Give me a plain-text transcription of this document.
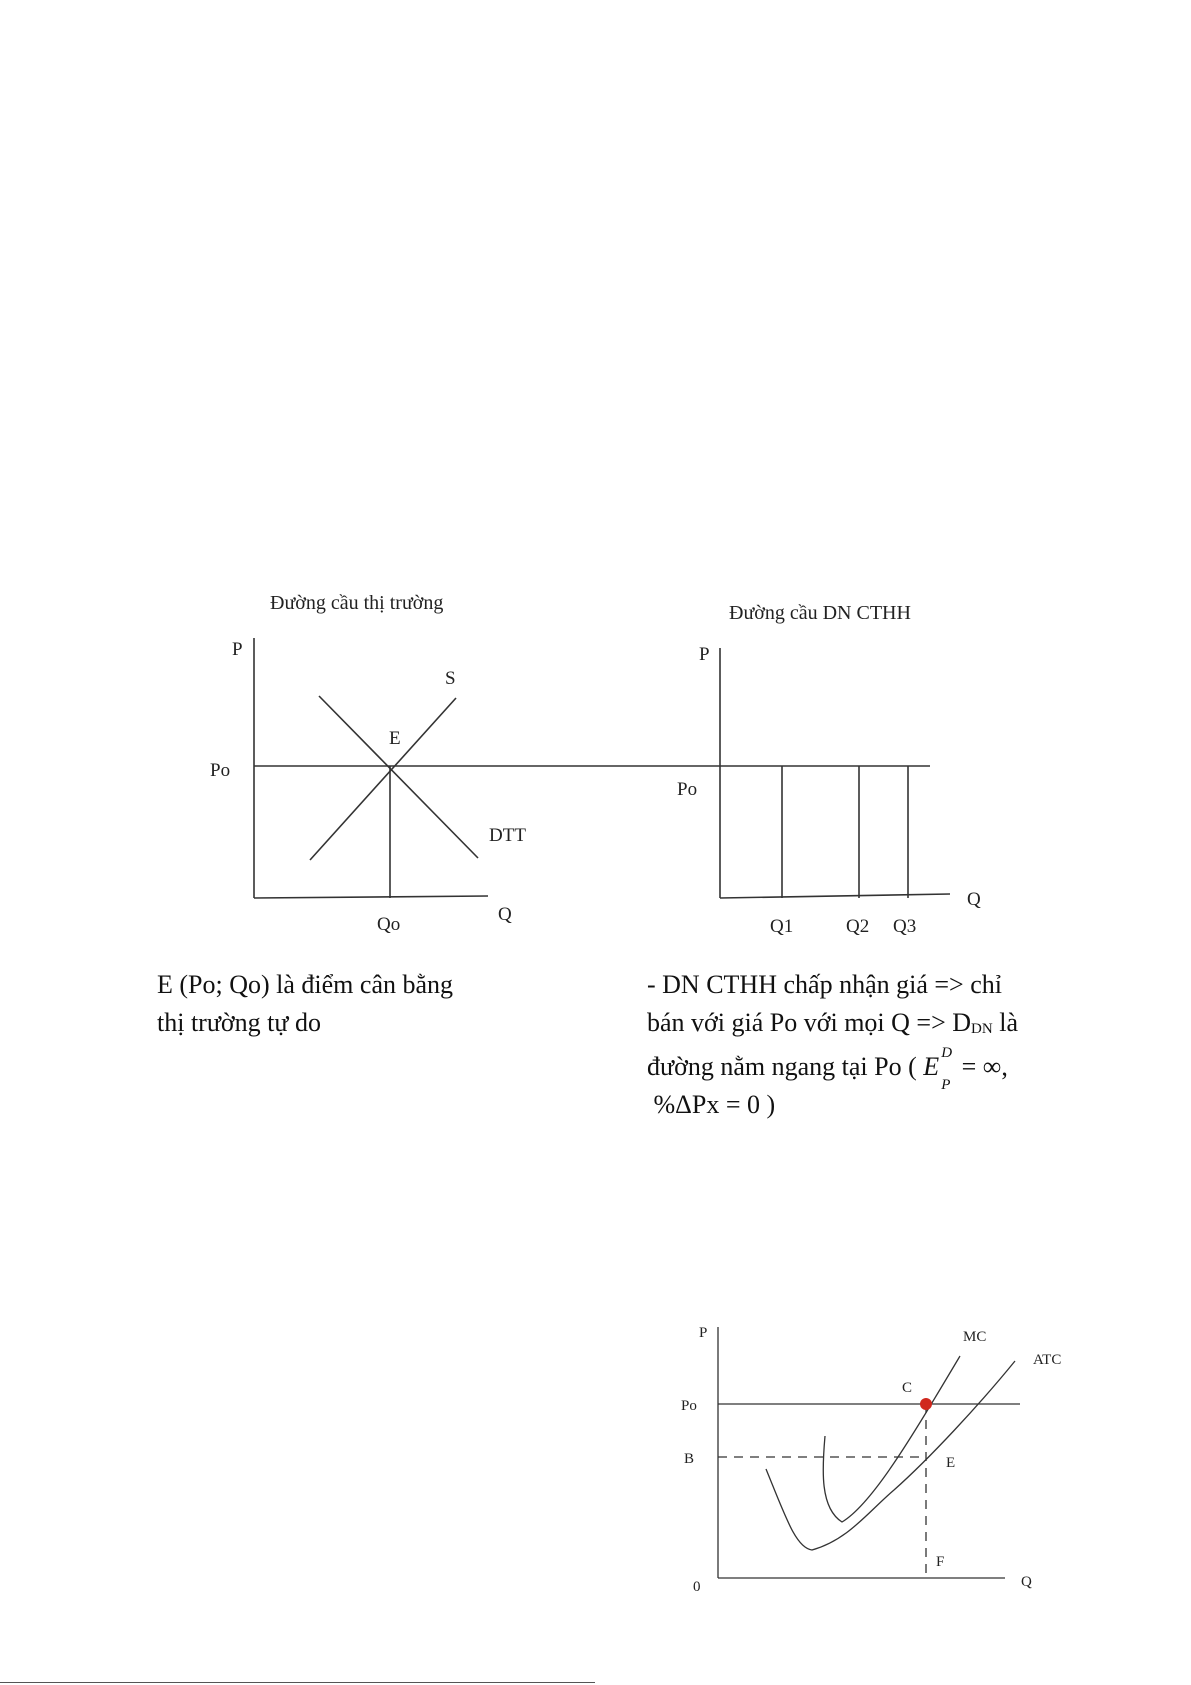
Đường cầu thị trường
P
Q
Po
S
DTT
E
Qo
Đường cầu DN CTHH
P
Q
Po
Q1	Q2 Q3
P
Q
0
Po
B
MC
ATC
C
E
F

E (Po; Qo) là điểm cân bằng
thị trường tự do

- DN CTHH chấp nhận giá => chỉ
bán với giá Po với mọi Q => DDN là
đường nằm ngang tại Po ( E D
P
= ∞,
%ΔPx = 0 )
